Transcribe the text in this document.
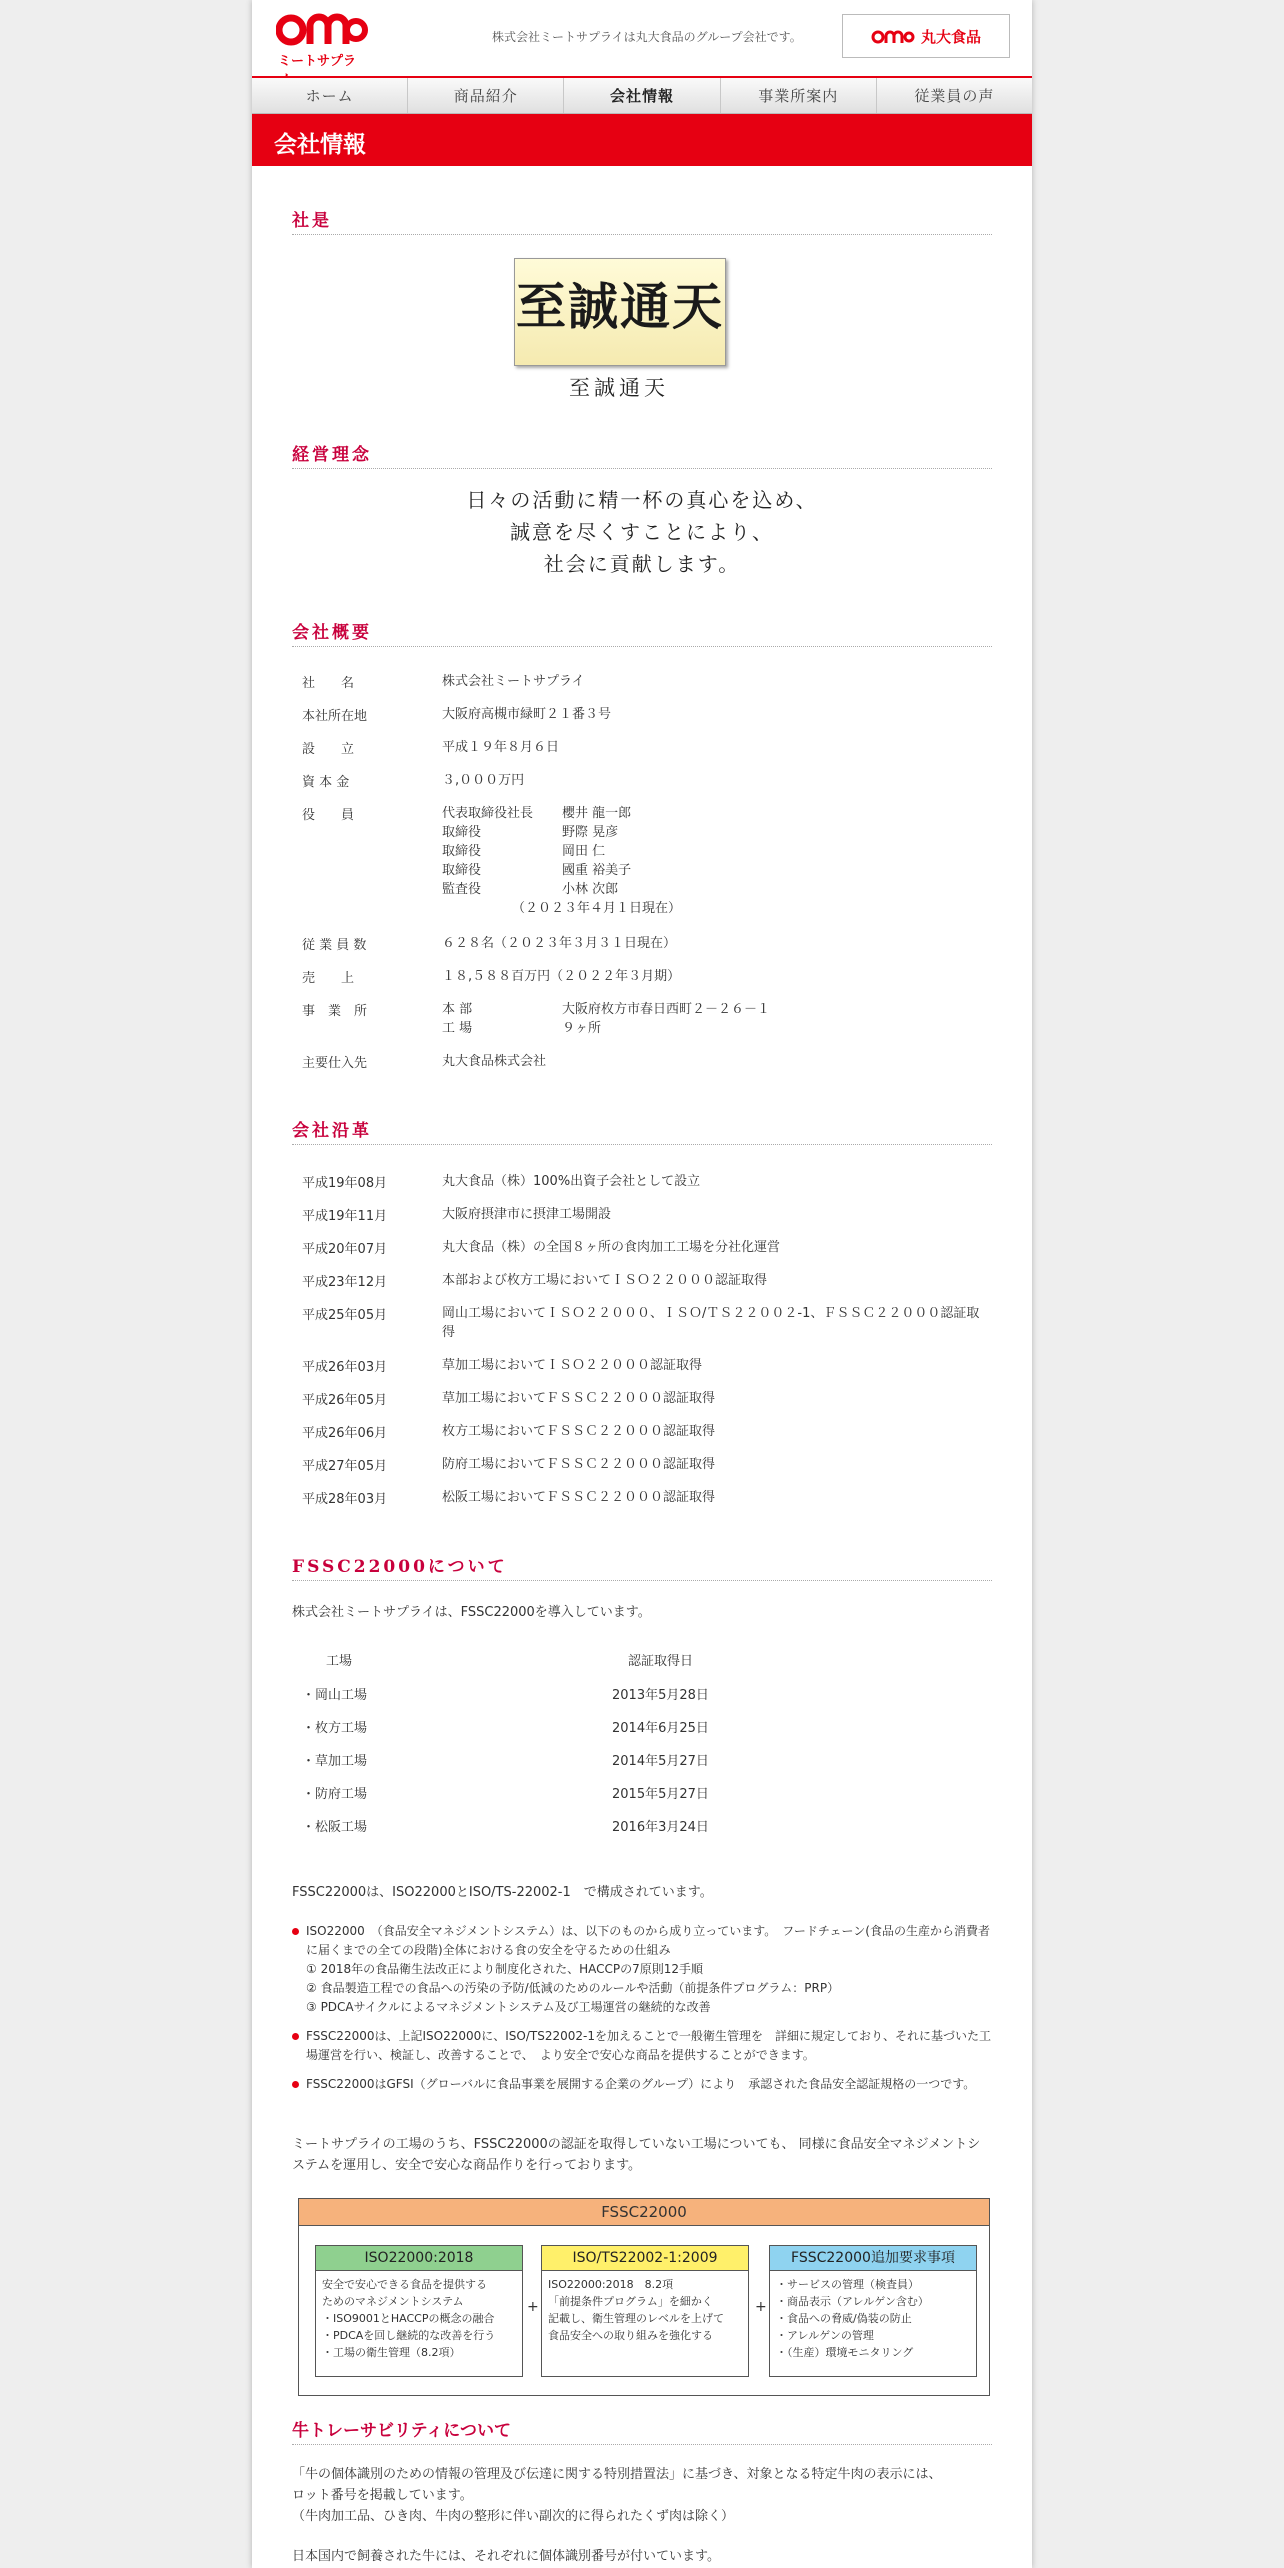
ミートサプラ
株式会社ミートサプライは丸大食品のグループ会社です。	丸大食品
ホーム	商品紹介	会社情報	事業所案内	従業員の声
会社情報
社是
至誠通天
至誠通天
経営理念
日々の活動に精一杯の真心を込め、
誠意を尽くすことにより、
社会に貢献します。
会社概要
社　　名	株式会社ミートサプライ
本社所在地	大阪府高槻市緑町２１番３号
設　　立	平成１９年８月６日
資 本 金	３,０００万円
役　　員	代表取締役社長 櫻井 龍一郎
取締役	野際 晃彦
取締役	岡田 仁
取締役	國重 裕美子
監査役	小林 次郎
（２０２３年４月１日現在）
従 業 員 数	６２８名（２０２３年３月３１日現在）
売　　上	１８,５８８百万円（２０２２年３月期）
事　業　所	本 部	大阪府枚方市春日西町２－２６－１
工 場	９ヶ所
主要仕入先	丸大食品株式会社
会社沿革
平成19年08月	丸大食品（株）100%出資子会社として設立
平成19年11月	大阪府摂津市に摂津工場開設
平成20年07月	丸大食品（株）の全国８ヶ所の食肉加工工場を分社化運営
平成23年12月	本部および枚方工場においてＩＳＯ２２０００認証取得
平成25年05月	岡山工場においてＩＳＯ２２０００、ＩＳＯ/ＴＳ２２００２-1、ＦＳＳＣ２２０００認証取得
平成26年03月	草加工場においてＩＳＯ２２０００認証取得
平成26年05月	草加工場においてＦＳＳＣ２２０００認証取得
平成26年06月	枚方工場においてＦＳＳＣ２２０００認証取得
平成27年05月	防府工場においてＦＳＳＣ２２０００認証取得
平成28年03月	松阪工場においてＦＳＳＣ２２０００認証取得
FSSC22000について
株式会社ミートサプライは、FSSC22000を導入しています。
工場	認証取得日
・岡山工場	2013年5月28日
・枚方工場	2014年6月25日
・草加工場	2014年5月27日
・防府工場	2015年5月27日
・松阪工場	2016年3月24日
FSSC22000は、ISO22000とISO/TS-22002-1　で構成されています。
ISO22000　（食品安全マネジメントシステム）は、以下のものから成り立っています。　フードチェーン(食品の生産から消費者に届くまでの全ての段階)全体における食の安全を守るための仕組み
① 2018年の食品衛生法改正により制度化された、HACCPの7原則12手順
② 食品製造工程での食品への汚染の予防/低減のためのルールや活動（前提条件プログラム：PRP）
③ PDCAサイクルによるマネジメントシステム及び工場運営の継続的な改善
FSSC22000は、上記ISO22000に、ISO/TS22002-1を加えることで一般衛生管理を　詳細に規定しており、それに基づいた工場運営を行い、検証し、改善することで、　より安全で安心な商品を提供することができます。
FSSC22000はGFSI（グローバルに食品事業を展開する企業のグループ）により　承認された食品安全認証規格の一つです。
ミートサプライの工場のうち、FSSC22000の認証を取得していない工場についても、 同様に食品安全マネジメントシステムを運用し、安全で安心な商品作りを行っております。
FSSC22000
ISO22000:2018
安全で安心できる食品を提供する
ためのマネジメントシステム
・ISO9001とHACCPの概念の融合
・PDCAを回し継続的な改善を行う
・工場の衛生管理（8.2項）
+
ISO/TS22002-1:2009
ISO22000:2018　8.2項
「前提条件プログラム」を細かく
記載し、衛生管理のレベルを上げて
食品安全への取り組みを強化する
+
FSSC22000追加要求事項
・サービスの管理（検査員）
・商品表示（アレルゲン含む）
・食品への脅威/偽装の防止
・アレルゲンの管理
・（生産）環境モニタリング
牛トレーサビリティについて
「牛の個体識別のための情報の管理及び伝達に関する特別措置法」に基づき、対象となる特定牛肉の表示には、
ロット番号を掲載しています。
（牛肉加工品、ひき肉、牛肉の整形に伴い副次的に得られたくず肉は除く）
日本国内で飼養された牛には、それぞれに個体識別番号が付いています。
